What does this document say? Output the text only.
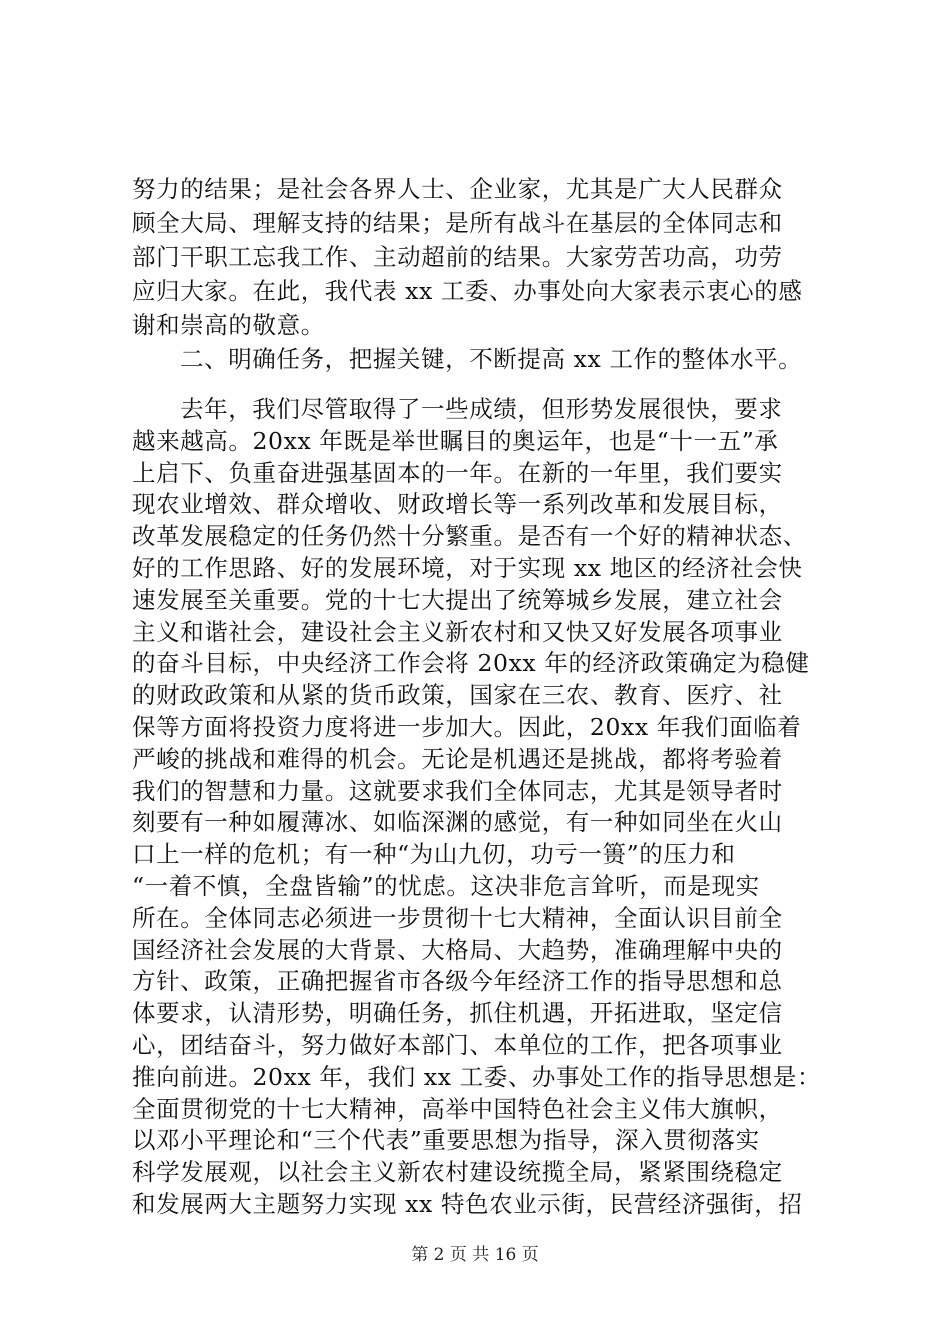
努力的结果；是社会各界人士、企业家，尤其是广大人民群众
顾全大局、理解支持的结果；是所有战斗在基层的全体同志和
部门干职工忘我工作、主动超前的结果。大家劳苦功高，功劳
应归大家。在此，我代表 xx 工委、办事处向大家表示衷心的感
谢和崇高的敬意。
二、明确任务，把握关键，不断提高 xx 工作的整体水平。
去年，我们尽管取得了一些成绩，但形势发展很快，要求
越来越高。20xx 年既是举世瞩目的奥运年，也是“十一五”承
上启下、负重奋进强基固本的一年。在新的一年里，我们要实
现农业增效、群众增收、财政增长等一系列改革和发展目标，
改革发展稳定的任务仍然十分繁重。是否有一个好的精神状态、
好的工作思路、好的发展环境，对于实现 xx 地区的经济社会快
速发展至关重要。党的十七大提出了统筹城乡发展，建立社会
主义和谐社会，建设社会主义新农村和又快又好发展各项事业
的奋斗目标，中央经济工作会将 20xx 年的经济政策确定为稳健
的财政政策和从紧的货币政策，国家在三农、教育、医疗、社
保等方面将投资力度将进一步加大。因此，20xx 年我们面临着
严峻的挑战和难得的机会。无论是机遇还是挑战，都将考验着
我们的智慧和力量。这就要求我们全体同志，尤其是领导者时
刻要有一种如履薄冰、如临深渊的感觉，有一种如同坐在火山
口上一样的危机；有一种“为山九仞，功亏一篑”的压力和
“一着不慎，全盘皆输”的忧虑。这决非危言耸听，而是现实
所在。全体同志必须进一步贯彻十七大精神，全面认识目前全
国经济社会发展的大背景、大格局、大趋势，准确理解中央的
方针、政策，正确把握省市各级今年经济工作的指导思想和总
体要求，认清形势，明确任务，抓住机遇，开拓进取，坚定信
心，团结奋斗，努力做好本部门、本单位的工作，把各项事业
推向前进。20xx 年，我们 xx 工委、办事处工作的指导思想是：
全面贯彻党的十七大精神，高举中国特色社会主义伟大旗帜，
以邓小平理论和“三个代表”重要思想为指导，深入贯彻落实
科学发展观，以社会主义新农村建设统揽全局，紧紧围绕稳定
和发展两大主题努力实现 xx 特色农业示街，民营经济强街，招
第 2 页 共 16 页
